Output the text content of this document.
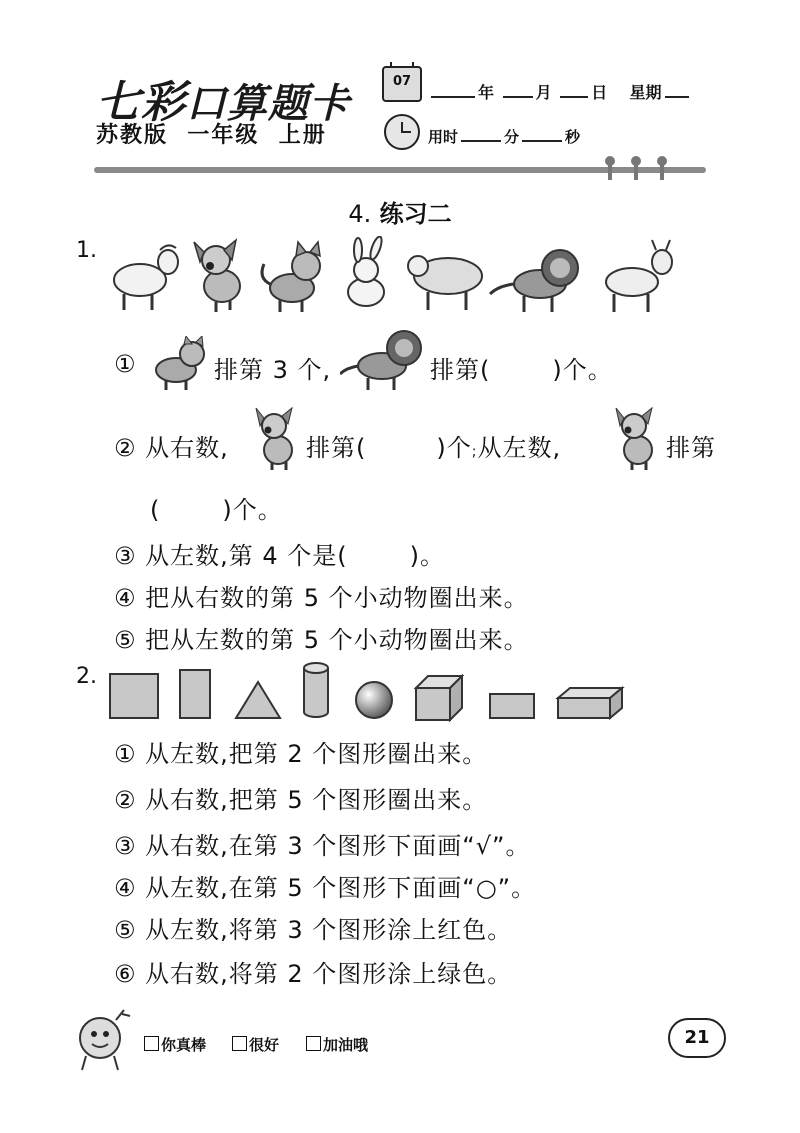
七彩口算题卡
苏教版 一年级 上册
07
年	月 日 星期
用时	分	秒
4. 练习二
1.
①	排第 3 个,	排第(	)个。
② 从右数,	排第(	)个;从左数,	排第
(	)个。
③ 从左数,第 4 个是(	)。
④ 把从右数的第 5 个小动物圈出来。
⑤ 把从左数的第 5 个小动物圈出来。
2.
① 从左数,把第 2 个图形圈出来。
② 从右数,把第 5 个图形圈出来。
③ 从右数,在第 3 个图形下面画“√”。
④ 从左数,在第 5 个图形下面画“○”。
⑤ 从左数,将第 3 个图形涂上红色。
⑥ 从右数,将第 2 个图形涂上绿色。
你真棒	很好	加油哦	21
